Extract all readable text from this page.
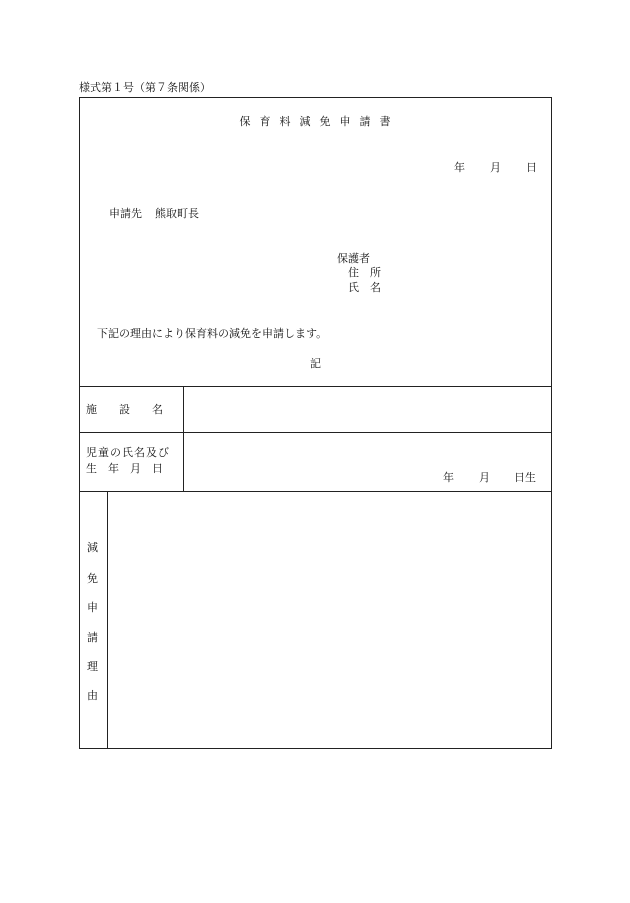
様式第１号（第７条関係）
保育料減免申請書
年 月 日
申請先 熊取町長
保護者
住　所
氏　名
下記の理由により保育料の減免を申請します。
記
施　　設　　名
児童の氏名及び
生　年　月　日
年 月 日生
減
免
申
請
理
由
